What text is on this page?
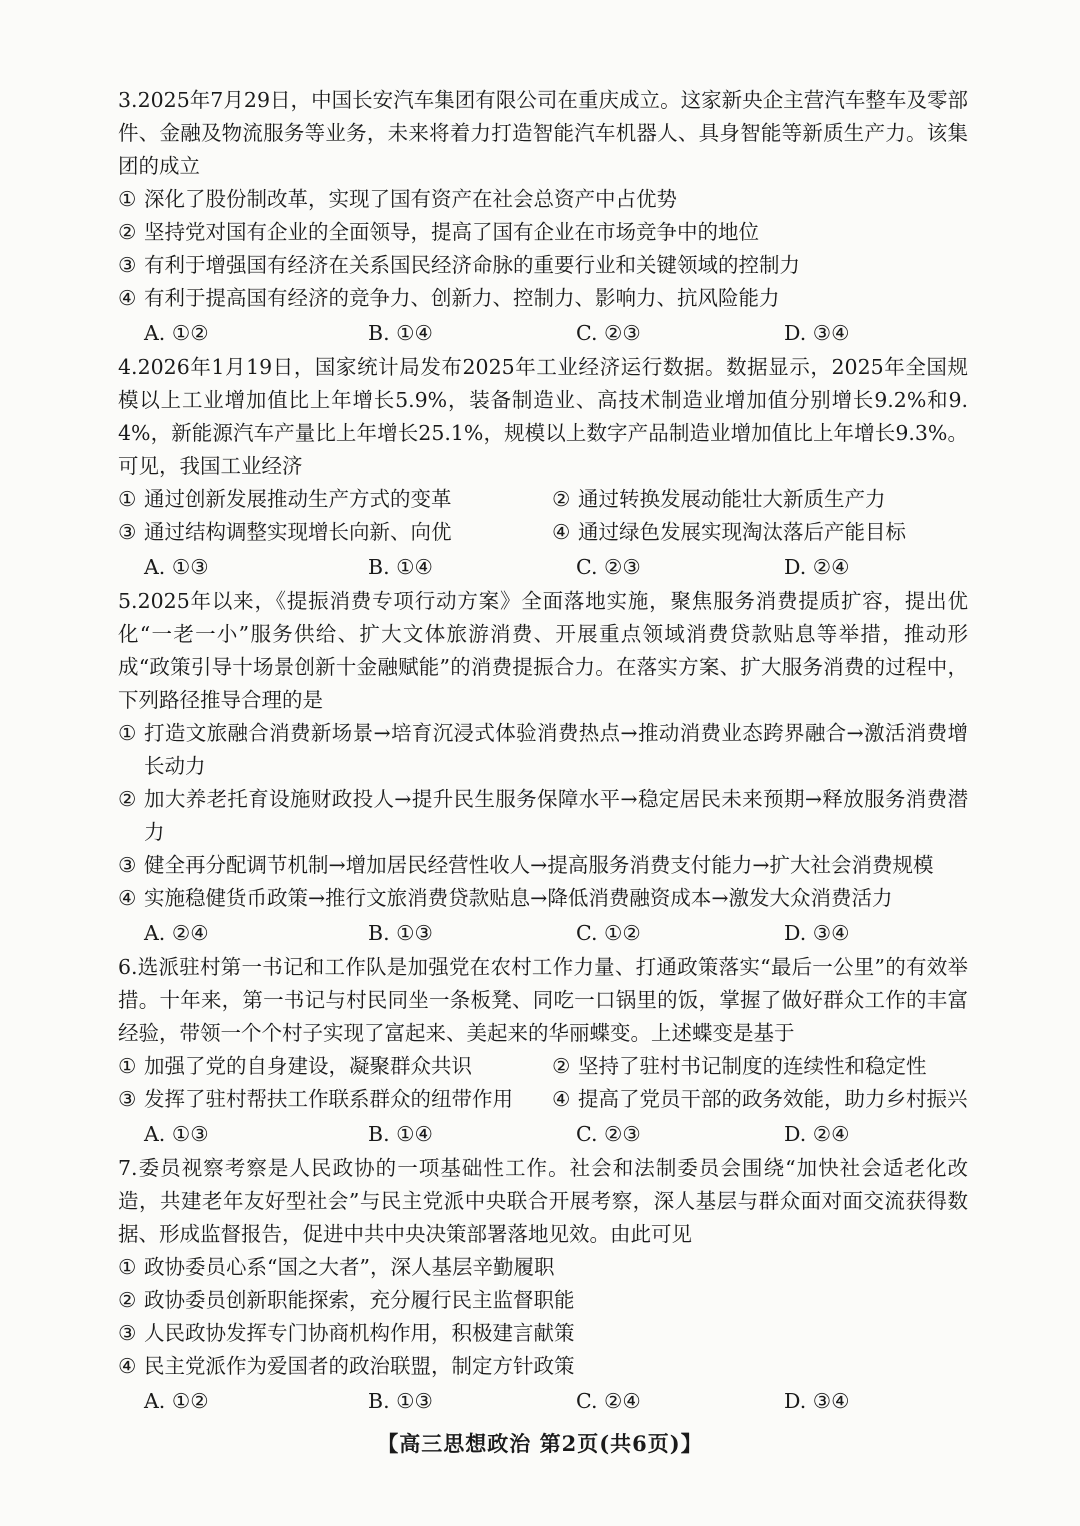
3.2025年7月29日，中国长安汽车集团有限公司在重庆成立。这家新央企主营汽车整车及零部件、金融及物流服务等业务，未来将着力打造智能汽车机器人、具身智能等新质生产力。该集团的成立
① 深化了股份制改革，实现了国有资产在社会总资产中占优势
② 坚持党对国有企业的全面领导，提高了国有企业在市场竞争中的地位
③ 有利于增强国有经济在关系国民经济命脉的重要行业和关键领域的控制力
④ 有利于提高国有经济的竞争力、创新力、控制力、影响力、抗风险能力
A. ①②	B. ①④	C. ②③	D. ③④
4.2026年1月19日，国家统计局发布2025年工业经济运行数据。数据显示，2025年全国规模以上工业增加值比上年增长5.9%，装备制造业、高技术制造业增加值分别增长9.2%和9.4%，新能源汽车产量比上年增长25.1%，规模以上数字产品制造业增加值比上年增长9.3%。可见，我国工业经济
① 通过创新发展推动生产方式的变革	② 通过转换发展动能壮大新质生产力
③ 通过结构调整实现增长向新、向优	④ 通过绿色发展实现淘汰落后产能目标
A. ①③	B. ①④	C. ②③	D. ②④
5.2025年以来，《提振消费专项行动方案》全面落地实施，聚焦服务消费提质扩容，提出优化“一老一小”服务供给、扩大文体旅游消费、开展重点领域消费贷款贴息等举措，推动形成“政策引导十场景创新十金融赋能”的消费提振合力。在落实方案、扩大服务消费的过程中，下列路径推导合理的是
① 打造文旅融合消费新场景→培育沉浸式体验消费热点→推动消费业态跨界融合→激活消费增长动力
② 加大养老托育设施财政投人→提升民生服务保障水平→稳定居民未来预期→释放服务消费潜力
③ 健全再分配调节机制→增加居民经营性收人→提高服务消费支付能力→扩大社会消费规模
④ 实施稳健货币政策→推行文旅消费贷款贴息→降低消费融资成本→激发大众消费活力
A. ②④	B. ①③	C. ①②	D. ③④
6.选派驻村第一书记和工作队是加强党在农村工作力量、打通政策落实“最后一公里”的有效举措。十年来，第一书记与村民同坐一条板凳、同吃一口锅里的饭，掌握了做好群众工作的丰富经验，带领一个个村子实现了富起来、美起来的华丽蝶变。上述蝶变是基于
① 加强了党的自身建设，凝聚群众共识	② 坚持了驻村书记制度的连续性和稳定性
③ 发挥了驻村帮扶工作联系群众的纽带作用	④ 提高了党员干部的政务效能，助力乡村振兴
A. ①③	B. ①④	C. ②③	D. ②④
7.委员视察考察是人民政协的一项基础性工作。社会和法制委员会围绕“加快社会适老化改造，共建老年友好型社会”与民主党派中央联合开展考察，深人基层与群众面对面交流获得数据、形成监督报告，促进中共中央决策部署落地见效。由此可见
① 政协委员心系“国之大者”，深人基层辛勤履职
② 政协委员创新职能探索，充分履行民主监督职能
③ 人民政协发挥专门协商机构作用，积极建言献策
④ 民主党派作为爱国者的政治联盟，制定方针政策
A. ①②	B. ①③	C. ②④	D. ③④
【高三思想政治 第2页(共6页)】
